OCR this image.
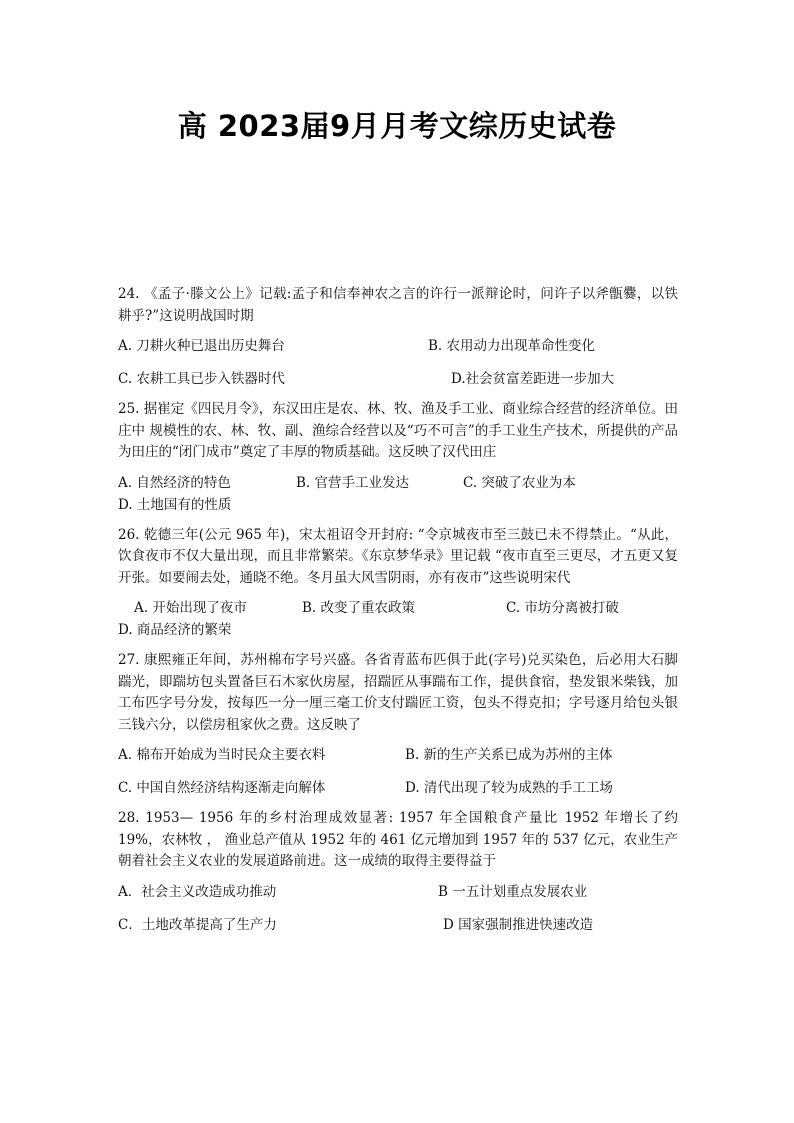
高 2023届9月月考文综历史试卷

24. 《孟子·滕文公上》记载:孟子和信奉神农之言的许行一派辩论时，问许子以斧甑爨，以铁耕乎?”这说明战国时期

A. 刀耕火种已退出历史舞台	B. 农用动力出现革命性变化
C. 农耕工具已步入铁器时代	D.社会贫富差距进一步加大

25. 据崔定《四民月令》，东汉田庄是农、林、牧、渔及手工业、商业综合经营的经济单位。田庄中 规模性的农、林、牧、副、渔综合经营以及“巧不可言”的手工业生产技术，所提供的产品为田庄的“闭门成市”奠定了丰厚的物质基础。这反映了汉代田庄

A. 自然经济的特色	B. 官营手工业发达	C. 突破了农业为本
D. 土地国有的性质

26. 乾德三年(公元 965 年)，宋太祖诏令开封府: “令京城夜市至三鼓已未不得禁止。“从此，饮食夜市不仅大量出现，而且非常繁荣。《东京梦华录》里记载 “夜市直至三更尽，才五更又复开张。如要闹去处，通晓不绝。冬月虽大风雪阴雨，亦有夜市”这些说明宋代

A. 开始出现了夜市	B. 改变了重农政策	C. 市坊分离被打破
D. 商品经济的繁荣

27. 康熙雍正年间，苏州棉布字号兴盛。各省青蓝布匹俱于此(字号)兑买染色，后必用大石脚踹光，即踹坊包头置备巨石木家伙房屋，招踹匠从事踹布工作，提供食宿，垫发银米柴钱，加 工布匹字号分发，按每匹一分一厘三毫工价支付踹匠工资，包头不得克扣；字号逐月给包头银三钱六分，以偿房租家伙之费。这反映了

A. 棉布开始成为当时民众主要衣料	B. 新的生产关系已成为苏州的主体
C. 中国自然经济结构逐渐走向解体	D. 清代出现了较为成熟的手工工场

28. 1953— 1956 年的乡村治理成效显著: 1957 年全国粮食产量比 1952 年增长了约 19%，农林牧 ， 渔业总产值从 1952 年的 461 亿元增加到 1957 年的 537 亿元，农业生产朝着社会主义农业的发展道路前进。这一成绩的取得主要得益于

A．社会主义改造成功推动	B 一五计划重点发展农业
C．土地改革提高了生产力	D 国家强制推进快速改造
